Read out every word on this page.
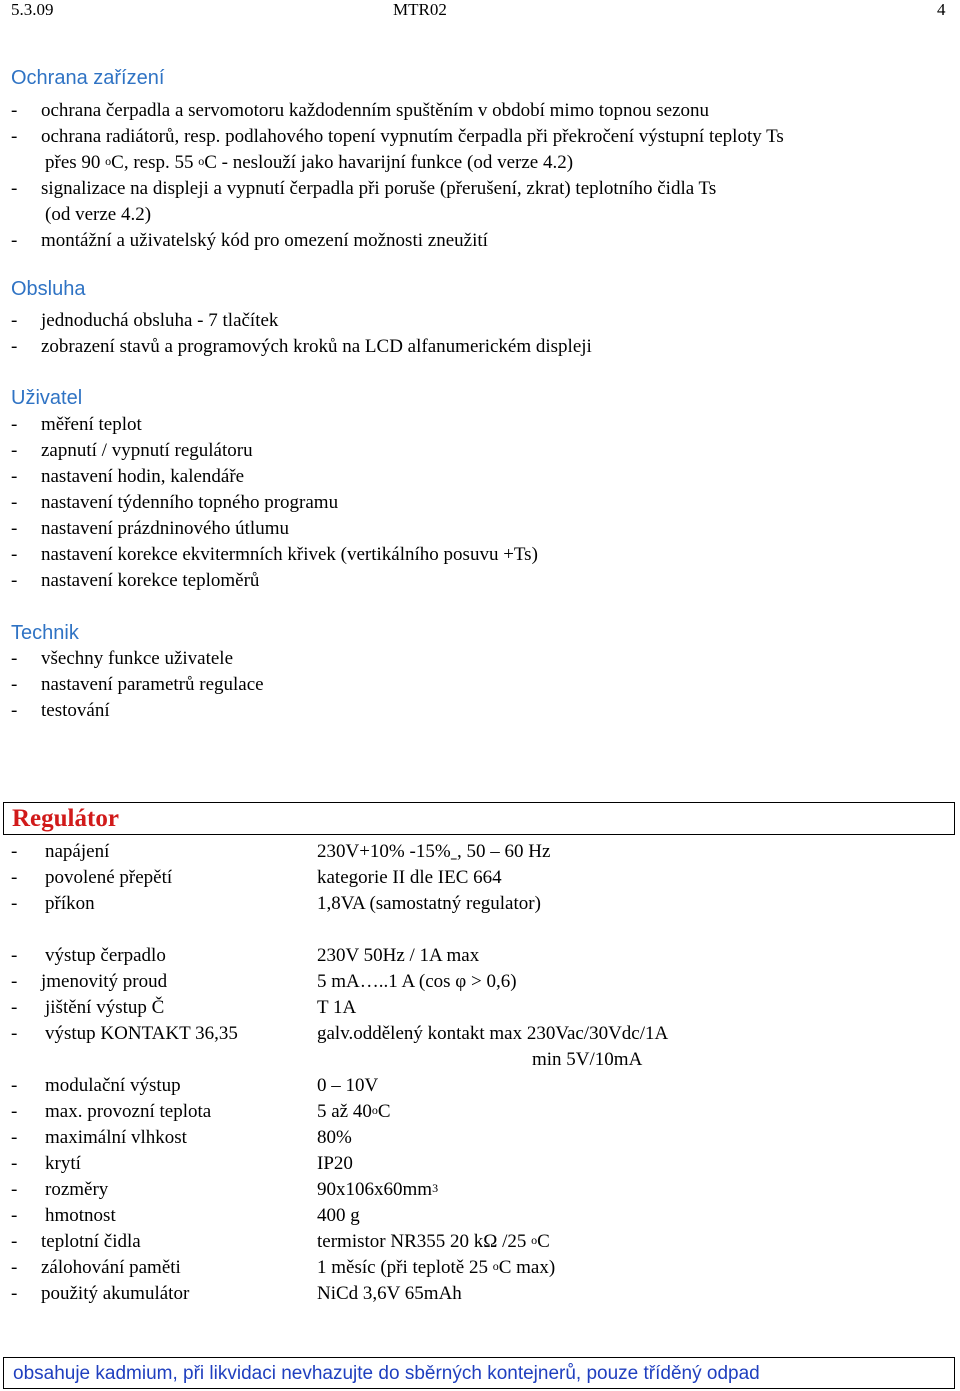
5.3.09	MTR02	4
Ochrana zařízení
- ochrana čerpadla a servomotoru každodenním spuštěním v období mimo topnou sezonu
- ochrana radiátorů, resp. podlahového topení vypnutím čerpadla při překročení výstupní teploty Ts
přes 90 $^o$C, resp. 55 $^o$C - neslouží jako havarijní funkce (od verze 4.2)
- signalizace na displeji a vypnutí čerpadla při poruše (přerušení, zkrat) teplotního čidla Ts
(od verze 4.2)
- montážní a uživatelský kód pro omezení možnosti zneužití
Obsluha
- jednoduchá obsluha - 7 tlačítek
- zobrazení stavů a programových kroků na LCD alfanumerickém displeji
Uživatel
- měření teplot
- zapnutí / vypnutí regulátoru
- nastavení hodin, kalendáře
- nastavení týdenního topného programu
- nastavení prázdninového útlumu
- nastavení korekce ekvitermních křivek (vertikálního posuvu +Ts)
- nastavení korekce teploměrů
Technik
- všechny funkce uživatele
- nastavení parametrů regulace
- testování
Regulátor
- napájení	230V+10% -15%ˍ, 50 – 60 Hz
- povolené přepětí	kategorie II dle IEC 664
- příkon	1,8VA (samostatný regulator)
- výstup čerpadlo	230V 50Hz / 1A max
- jmenovitý proud	5 mA…..1 A (cos φ > 0,6)
- jištění výstup Č	T 1A
- výstup KONTAKT 36,35	galv.oddělený kontakt max 230Vac/30Vdc/1A
min 5V/10mA
- modulační výstup	0 – 10V
- max. provozní teplota	5 až 40$^o$C
- maximální vlhkost	80%
- krytí	IP20
- rozměry	$90x106x60mm^3$
- hmotnost	400 g
- teplotní čidla	termistor NR355 20 kΩ /25 $^o$C
- zálohování paměti	1 měsíc (při teplotě 25 $^o$C max)
- použitý akumulátor	NiCd 3,6V 65mAh
obsahuje kadmium, při likvidaci nevhazujte do sběrných kontejnerů, pouze tříděný odpad
